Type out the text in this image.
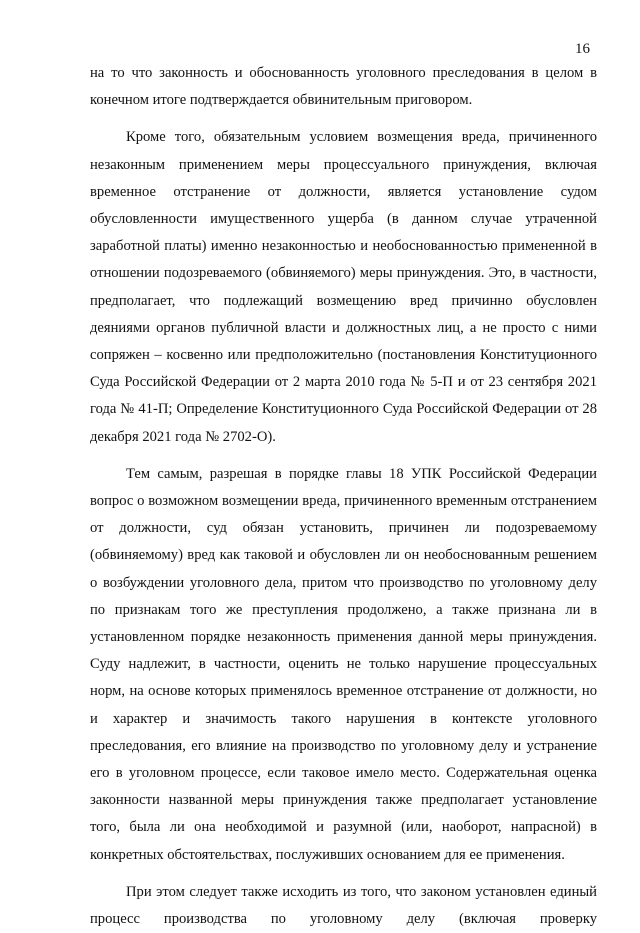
16

на то что законность и обоснованность уголовного преследования в целом в конечном итоге подтверждается обвинительным приговором.

Кроме того, обязательным условием возмещения вреда, причиненного незаконным применением меры процессуального принуждения, включая временное отстранение от должности, является установление судом обусловленности имущественного ущерба (в данном случае утраченной заработной платы) именно незаконностью и необоснованностью примененной в отношении подозреваемого (обвиняемого) меры принуждения. Это, в частности, предполагает, что подлежащий возмещению вред причинно обусловлен деяниями органов публичной власти и должностных лиц, а не просто с ними сопряжен – косвенно или предположительно (постановления Конституционного Суда Российской Федерации от 2 марта 2010 года № 5-П и от 23 сентября 2021 года № 41-П; Определение Конституционного Суда Российской Федерации от 28 декабря 2021 года № 2702-О).

Тем самым, разрешая в порядке главы 18 УПК Российской Федерации вопрос о возможном возмещении вреда, причиненного временным отстранением от должности, суд обязан установить, причинен ли подозреваемому (обвиняемому) вред как таковой и обусловлен ли он необоснованным решением о возбуждении уголовного дела, притом что производство по уголовному делу по признакам того же преступления продолжено, а также признана ли в установленном порядке незаконность применения данной меры принуждения. Суду надлежит, в частности, оценить не только нарушение процессуальных норм, на основе которых применялось временное отстранение от должности, но и характер и значимость такого нарушения в контексте уголовного преследования, его влияние на производство по уголовному делу и устранение его в уголовном процессе, если таковое имело место. Содержательная оценка законности названной меры принуждения также предполагает установление того, была ли она необходимой и разумной (или, наоборот, напрасной) в конкретных обстоятельствах, послуживших основанием для ее применения.

При этом следует также исходить из того, что законом установлен единый процесс производства по уголовному делу (включая проверку
